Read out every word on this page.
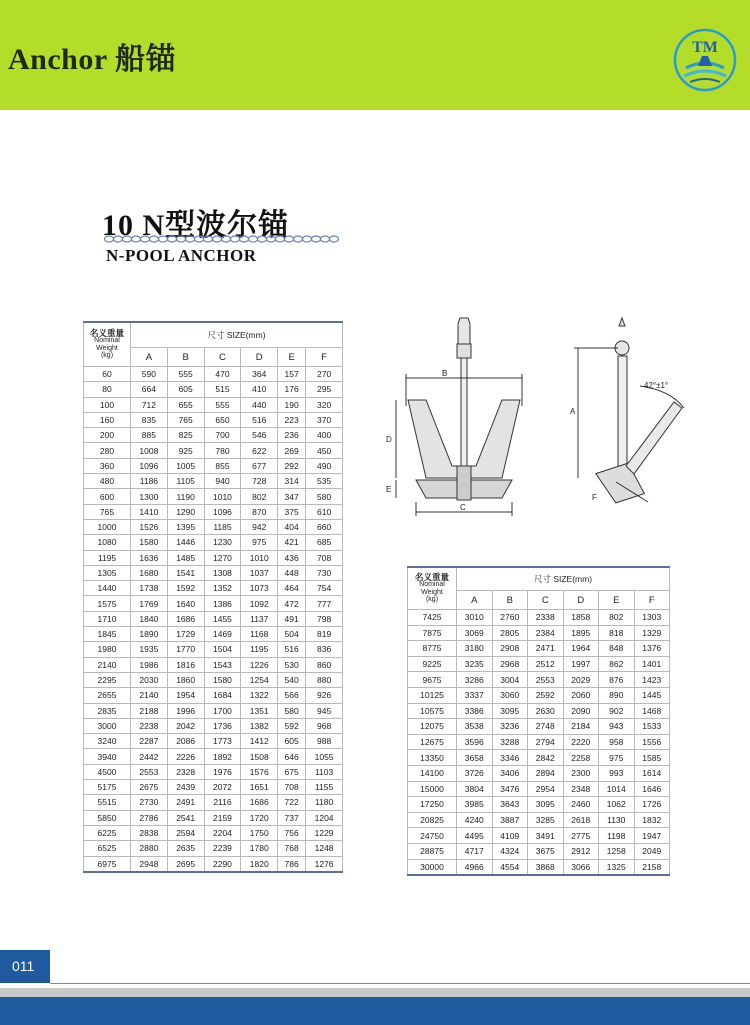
Anchor 船锚	TM
10 N型波尔锚
N-POOL ANCHOR
名义重量
Nominal
Weight
(kg)	尺寸 SIZE(mm)					
	A	B	C	D	E	F
60	590	555	470	364	157	270
80	664	605	515	410	176	295
100	712	655	555	440	190	320
160	835	765	650	516	223	370
200	885	825	700	546	236	400
280	1008	925	780	622	269	450
360	1096	1005	855	677	292	490
480	1186	1105	940	728	314	535
600	1300	1190	1010	802	347	580
765	1410	1290	1096	870	375	610
1000	1526	1395	1185	942	404	660
1080	1580	1446	1230	975	421	685
1195	1636	1485	1270	1010	436	708
1305	1680	1541	1308	1037	448	730
1440	1738	1592	1352	1073	464	754
1575	1769	1640	1386	1092	472	777
1710	1840	1686	1455	1137	491	798
1845	1890	1729	1469	1168	504	819
1980	1935	1770	1504	1195	516	836
2140	1986	1816	1543	1226	530	860
2295	2030	1860	1580	1254	540	880
2655	2140	1954	1684	1322	566	926
2835	2188	1996	1700	1351	580	945
3000	2238	2042	1736	1382	592	968
3240	2287	2086	1773	1412	605	988
3940	2442	2226	1892	1508	646	1055
4500	2553	2328	1976	1576	675	1103
5175	2675	2439	2072	1651	708	1155
5515	2730	2491	2116	1686	722	1180
5850	2786	2541	2159	1720	737	1204
6225	2838	2594	2204	1750	756	1229
6525	2880	2635	2239	1780	768	1248
6975	2948	2695	2290	1820	786	1276
B
D
E
C
A
42°±1°
F
名义重量
Nominal
Weight
(kg)	尺寸 SIZE(mm)					
	A	B	C	D	E	F
7425	3010	2760	2338	1858	802	1303
7875	3069	2805	2384	1895	818	1329
8775	3180	2908	2471	1964	848	1376
9225	3235	2968	2512	1997	862	1401
9675	3286	3004	2553	2029	876	1423
10125	3337	3060	2592	2060	890	1445
10575	3386	3095	2630	2090	902	1468
12075	3538	3236	2748	2184	943	1533
12675	3596	3288	2794	2220	958	1556
13350	3658	3346	2842	2258	975	1585
14100	3726	3406	2894	2300	993	1614
15000	3804	3476	2954	2348	1014	1646
17250	3985	3643	3095	2460	1062	1726
20825	4240	3887	3285	2618	1130	1832
24750	4495	4109	3491	2775	1198	1947
28875	4717	4324	3675	2912	1258	2049
30000	4966	4554	3868	3066	1325	2158
011
